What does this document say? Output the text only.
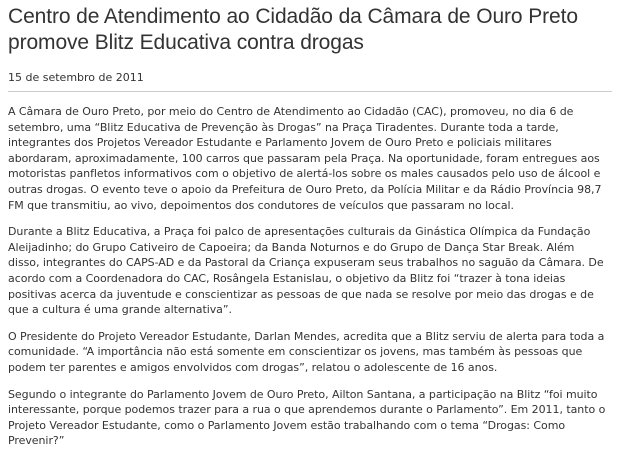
Centro de Atendimento ao Cidadão da Câmara de Ouro Preto
promove Blitz Educativa contra drogas
15 de setembro de 2011

A Câmara de Ouro Preto, por meio do Centro de Atendimento ao Cidadão (CAC), promoveu, no dia 6 de setembro, uma “Blitz Educativa de Prevenção às Drogas” na Praça Tiradentes. Durante toda a tarde, integrantes dos Projetos Vereador Estudante e Parlamento Jovem de Ouro Preto e policiais militares abordaram, aproximadamente, 100 carros que passaram pela Praça. Na oportunidade, foram entregues aos motoristas panfletos informativos com o objetivo de alertá-los sobre os males causados pelo uso de álcool e outras drogas. O evento teve o apoio da Prefeitura de Ouro Preto, da Polícia Militar e da Rádio Província 98,7 FM que transmitiu, ao vivo, depoimentos dos condutores de veículos que passaram no local.

Durante a Blitz Educativa, a Praça foi palco de apresentações culturais da Ginástica Olímpica da Fundação Aleijadinho; do Grupo Cativeiro de Capoeira; da Banda Noturnos e do Grupo de Dança Star Break. Além disso, integrantes do CAPS-AD e da Pastoral da Criança expuseram seus trabalhos no saguão da Câmara. De acordo com a Coordenadora do CAC, Rosângela Estanislau, o objetivo da Blitz foi “trazer à tona ideias positivas acerca da juventude e conscientizar as pessoas de que nada se resolve por meio das drogas e de que a cultura é uma grande alternativa”.

O Presidente do Projeto Vereador Estudante, Darlan Mendes, acredita que a Blitz serviu de alerta para toda a comunidade. “A importância não está somente em conscientizar os jovens, mas também às pessoas que podem ter parentes e amigos envolvidos com drogas”, relatou o adolescente de 16 anos.

Segundo o integrante do Parlamento Jovem de Ouro Preto, Ailton Santana, a participação na Blitz “foi muito interessante, porque podemos trazer para a rua o que aprendemos durante o Parlamento”. Em 2011, tanto o Projeto Vereador Estudante, como o Parlamento Jovem estão trabalhando com o tema “Drogas: Como Prevenir?”
